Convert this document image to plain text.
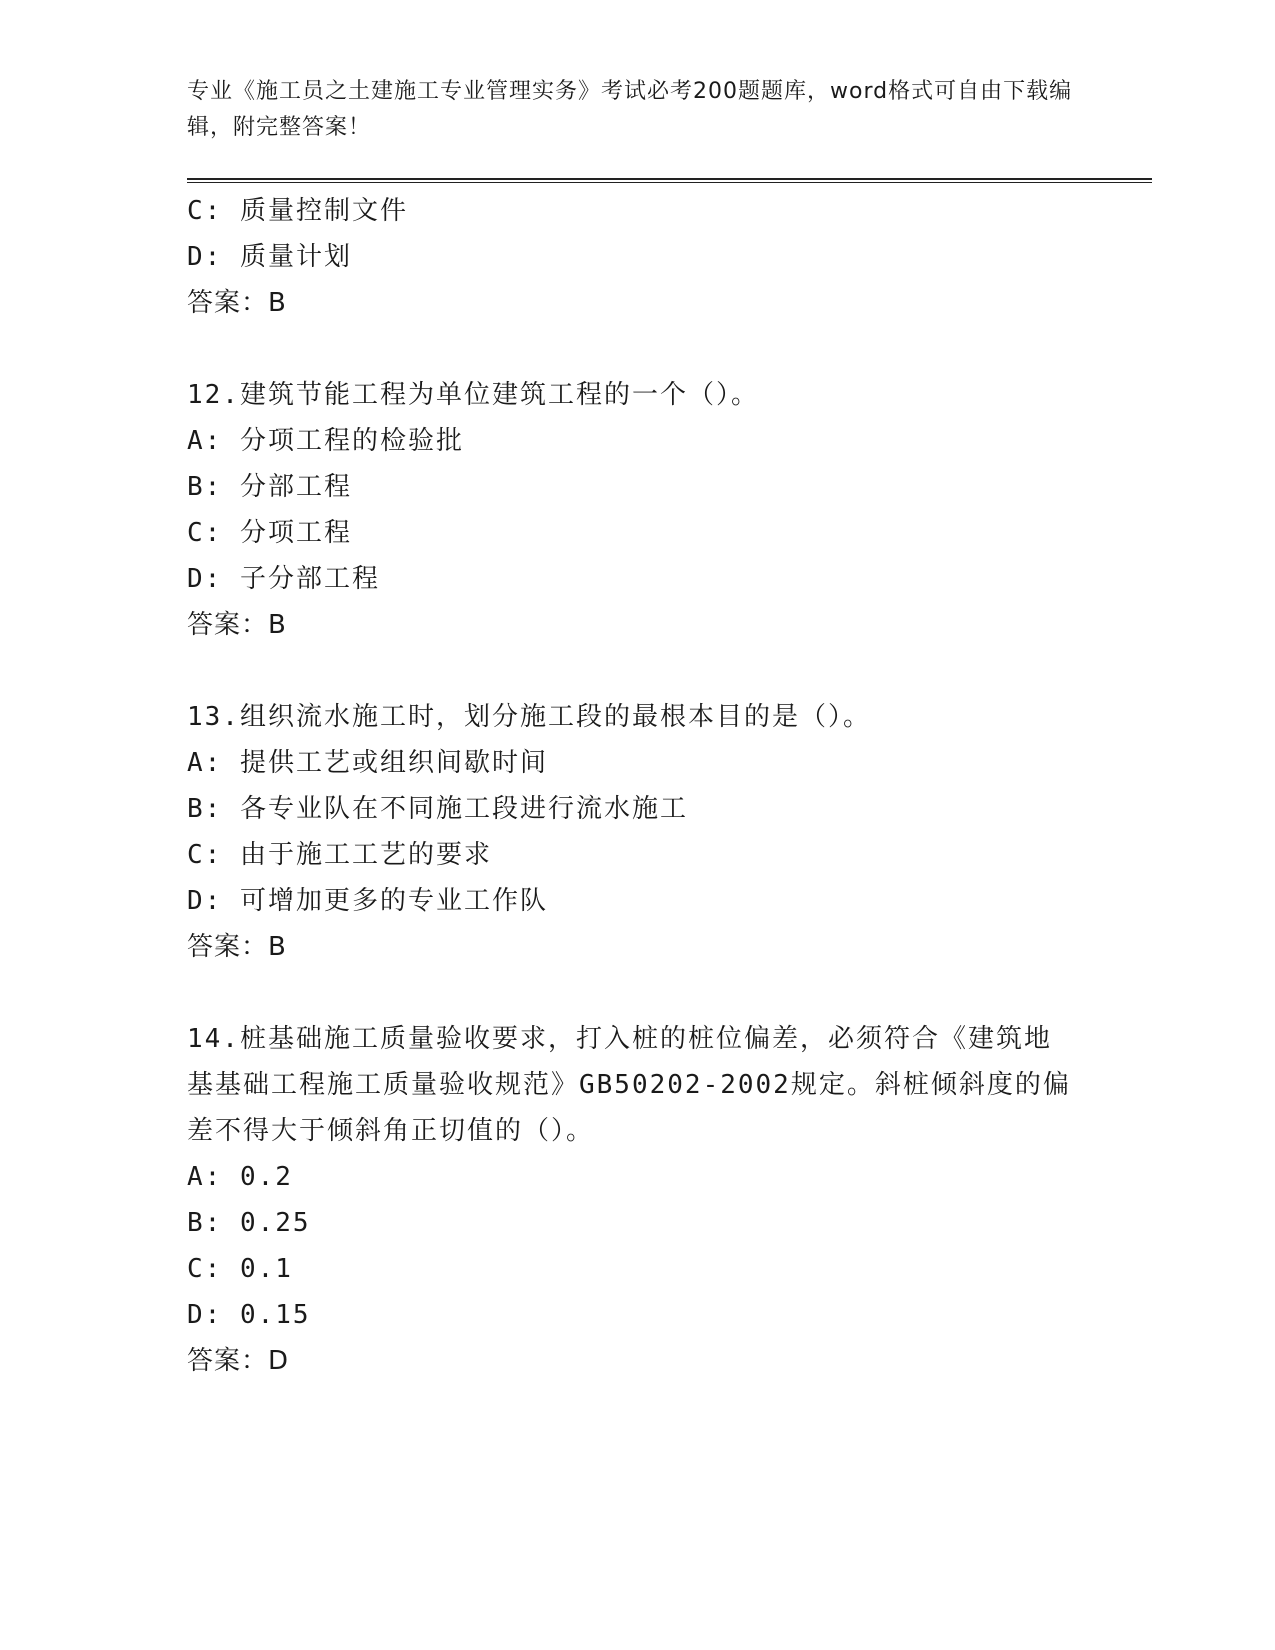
专业《施工员之土建施工专业管理实务》考试必考200题题库，word格式可自由下载编辑，附完整答案！
C: 质量控制文件
D: 质量计划
答案：B
12.建筑节能工程为单位建筑工程的一个（）。
A: 分项工程的检验批
B: 分部工程
C: 分项工程
D: 子分部工程
答案：B
13.组织流水施工时，划分施工段的最根本目的是（）。
A: 提供工艺或组织间歇时间
B: 各专业队在不同施工段进行流水施工
C: 由于施工工艺的要求
D: 可增加更多的专业工作队
答案：B
14.桩基础施工质量验收要求，打入桩的桩位偏差，必须符合《建筑地
基基础工程施工质量验收规范》GB50202-2002规定。斜桩倾斜度的偏
差不得大于倾斜角正切值的（）。
A: 0.2
B: 0.25
C: 0.1
D: 0.15
答案：D
